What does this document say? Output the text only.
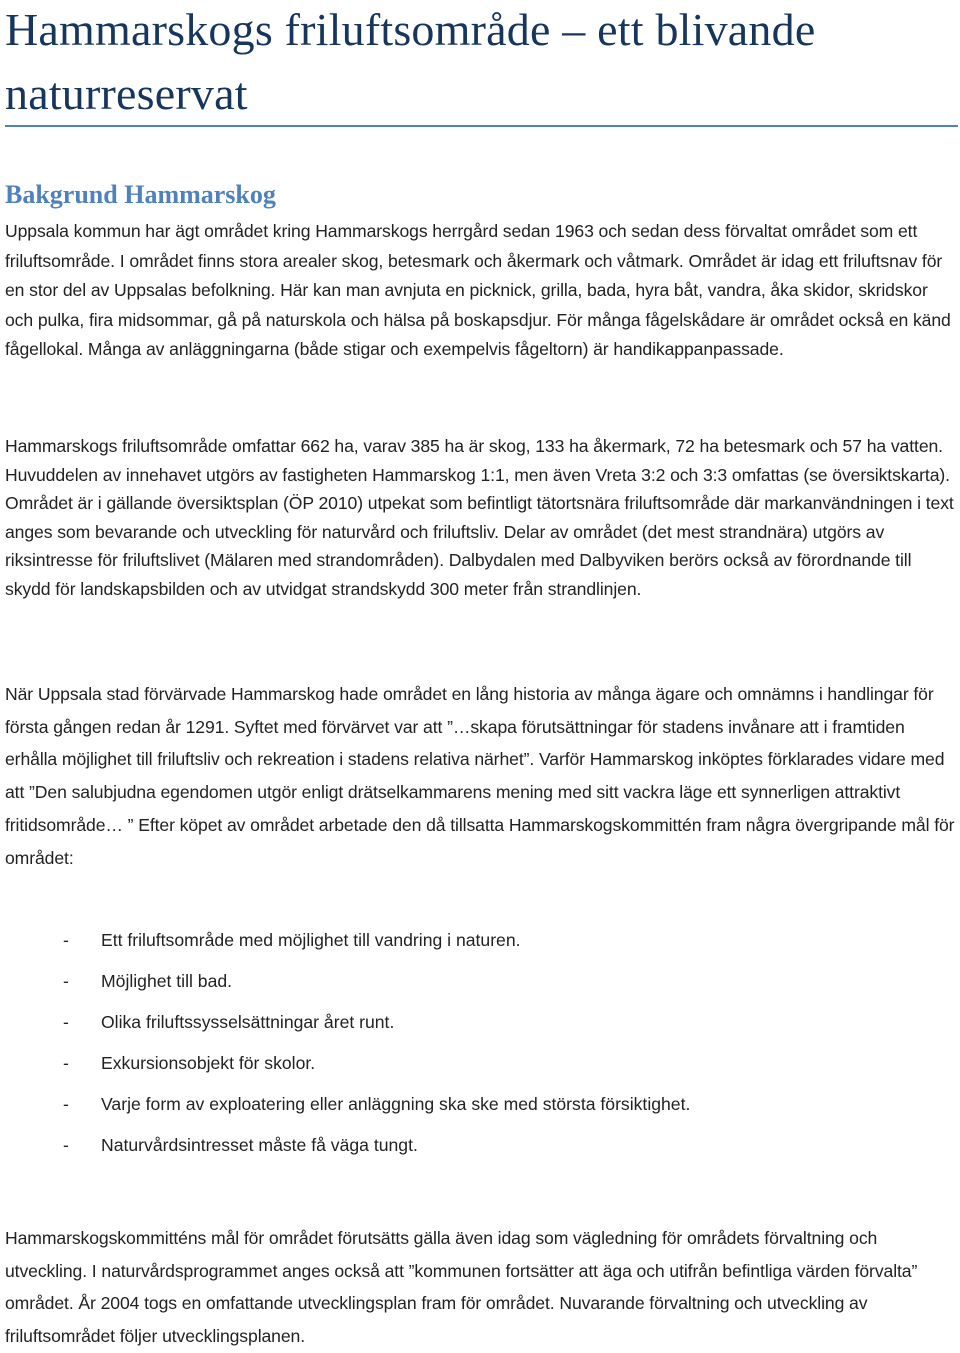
Hammarskogs friluftsområde – ett blivande naturreservat
Bakgrund Hammarskog

Uppsala kommun har ägt området kring Hammarskogs herrgård sedan 1963 och sedan dess förvaltat området som ett friluftsområde. I området finns stora arealer skog, betesmark och åkermark och våtmark. Området är idag ett friluftsnav för en stor del av Uppsalas befolkning. Här kan man avnjuta en picknick, grilla, bada, hyra båt, vandra, åka skidor, skridskor och pulka, fira midsommar, gå på naturskola och hälsa på boskapsdjur. För många fågelskådare är området också en känd fågellokal. Många av anläggningarna (både stigar och exempelvis fågeltorn) är handikappanpassade.

Hammarskogs friluftsområde omfattar 662 ha, varav 385 ha är skog, 133 ha åkermark, 72 ha betesmark och 57 ha vatten. Huvuddelen av innehavet utgörs av fastigheten Hammarskog 1:1, men även Vreta 3:2 och 3:3 omfattas (se översiktskarta). Området är i gällande översiktsplan (ÖP 2010) utpekat som befintligt tätortsnära friluftsområde där markanvändningen i text anges som bevarande och utveckling för naturvård och friluftsliv. Delar av området (det mest strandnära) utgörs av riksintresse för friluftslivet (Mälaren med strandområden). Dalbydalen med Dalbyviken berörs också av förordnande till skydd för landskapsbilden och av utvidgat strandskydd 300 meter från strandlinjen.

När Uppsala stad förvärvade Hammarskog hade området en lång historia av många ägare och omnämns i handlingar för första gången redan år 1291. Syftet med förvärvet var att ”…skapa förutsättningar för stadens invånare att i framtiden erhålla möjlighet till friluftsliv och rekreation i stadens relativa närhet”. Varför Hammarskog inköptes förklarades vidare med att ”Den salubjudna egendomen utgör enligt drätselkammarens mening med sitt vackra läge ett synnerligen attraktivt fritidsområde… ” Efter köpet av området arbetade den då tillsatta Hammarskogskommittén fram några övergripande mål för området:

- Ett friluftsområde med möjlighet till vandring i naturen.
- Möjlighet till bad.
- Olika friluftssysselsättningar året runt.
- Exkursionsobjekt för skolor.
- Varje form av exploatering eller anläggning ska ske med största försiktighet.
- Naturvårdsintresset måste få väga tungt.

Hammarskogskommitténs mål för området förutsätts gälla även idag som vägledning för områdets förvaltning och utveckling. I naturvårdsprogrammet anges också att ”kommunen fortsätter att äga och utifrån befintliga värden förvalta” området. År 2004 togs en omfattande utvecklingsplan fram för området. Nuvarande förvaltning och utveckling av friluftsområdet följer utvecklingsplanen.
